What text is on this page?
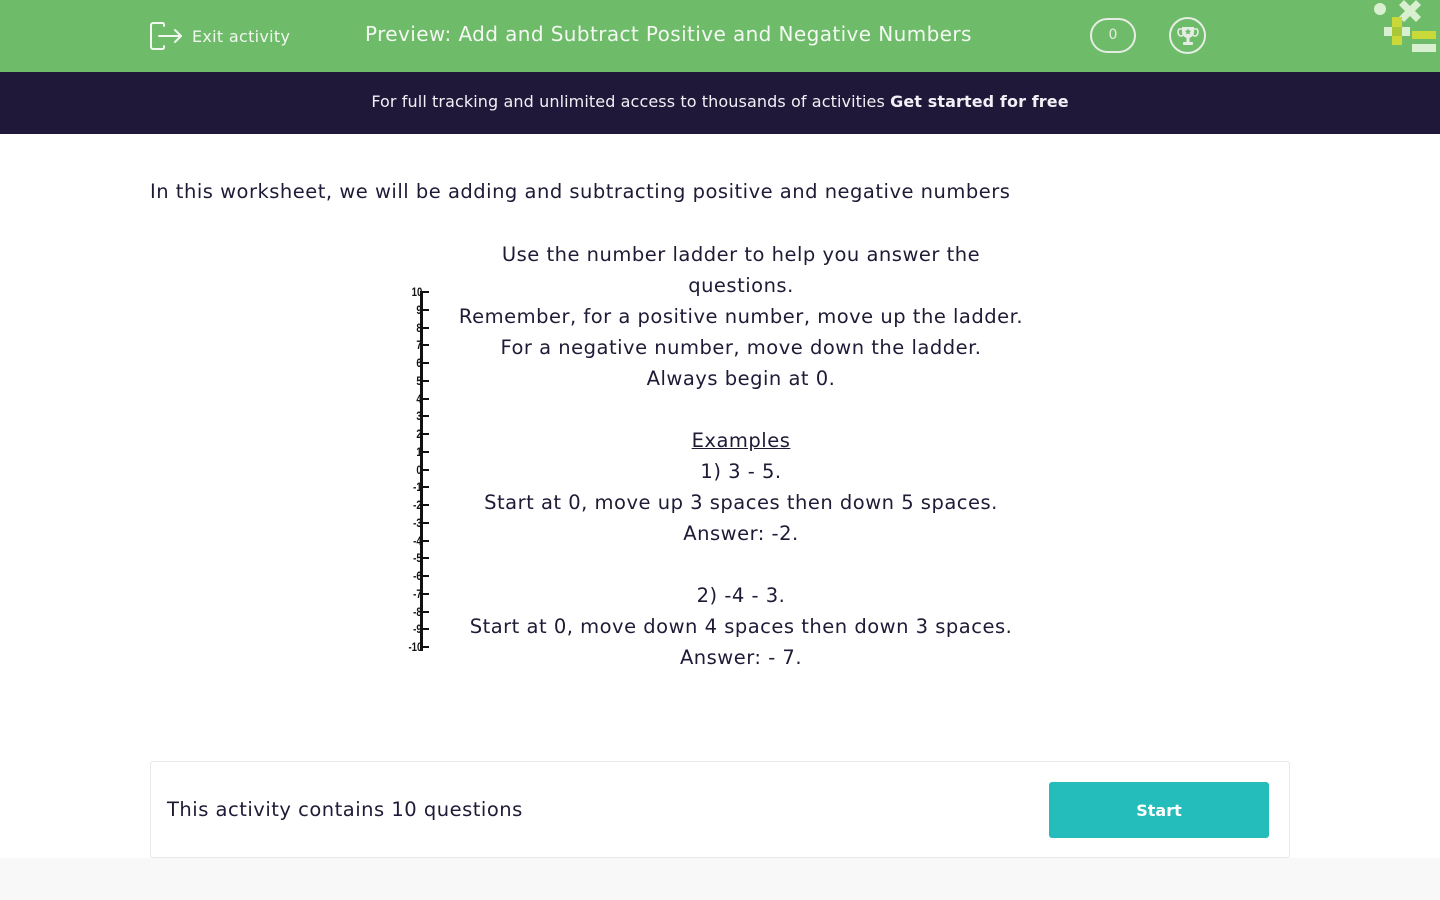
Exit activity	Preview: Add and Subtract Positive and Negative Numbers	0
For full tracking and unlimited access to thousands of activities Get started for free
In this worksheet, we will be adding and subtracting positive and negative numbers
10
9
8
7
6
5
4
3
2
1
0
-1
-2
-3
-4
-5
-6
-7
-8
-9
-10
Use the number ladder to help you answer the
questions.
Remember, for a positive number, move up the ladder.
For a negative number, move down the ladder.
Always begin at 0.
Examples
1) 3 - 5.
Start at 0, move up 3 spaces then down 5 spaces.
Answer: -2.
2) -4 - 3.
Start at 0, move down 4 spaces then down 3 spaces.
Answer: - 7.
This activity contains 10 questions	Start
